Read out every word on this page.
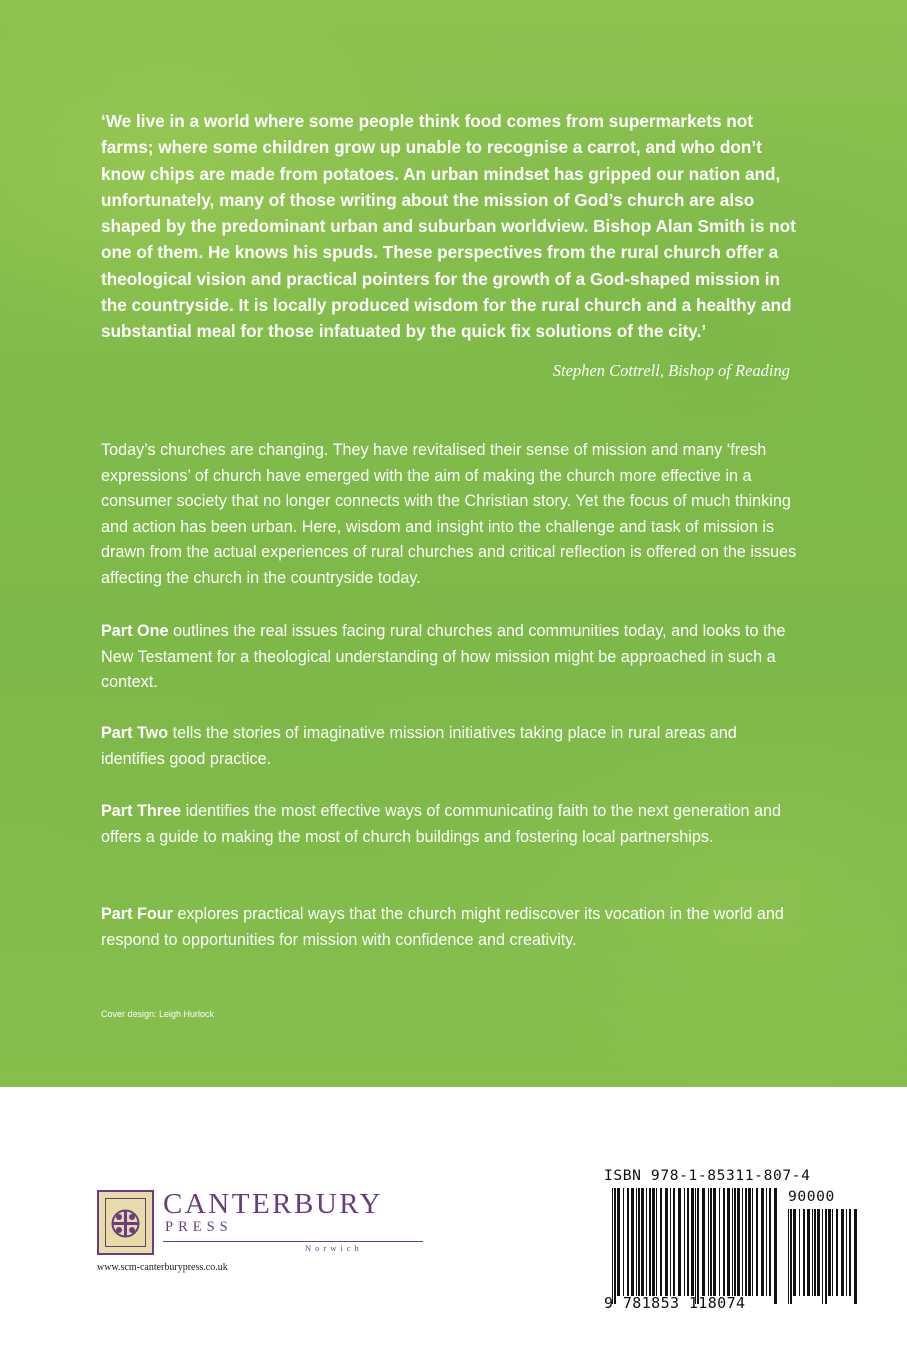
‘We live in a world where some people think food comes from supermarkets not farms; where some children grow up unable to recognise a carrot, and who don’t know chips are made from potatoes. An urban mindset has gripped our nation and, unfortunately, many of those writing about the mission of God’s church are also shaped by the predominant urban and suburban worldview. Bishop Alan Smith is not one of them. He knows his spuds. These perspectives from the rural church offer a theological vision and practical pointers for the growth of a God-shaped mission in the countryside. It is locally produced wisdom for the rural church and a healthy and substantial meal for those infatuated by the quick fix solutions of the city.’

Stephen Cottrell, Bishop of Reading

Today’s churches are changing. They have revitalised their sense of mission and many ‘fresh expressions’ of church have emerged with the aim of making the church more effective in a consumer society that no longer connects with the Christian story. Yet the focus of much thinking and action has been urban. Here, wisdom and insight into the challenge and task of mission is drawn from the actual experiences of rural churches and critical reflection is offered on the issues affecting the church in the countryside today.

Part One outlines the real issues facing rural churches and communities today, and looks to the New Testament for a theological understanding of how mission might be approached in such a context.

Part Two tells the stories of imaginative mission initiatives taking place in rural areas and identifies good practice.

Part Three identifies the most effective ways of communicating faith to the next generation and offers a guide to making the most of church buildings and fostering local partnerships.

Part Four explores practical ways that the church might rediscover its vocation in the world and respond to opportunities for mission with confidence and creativity.

Cover design: Leigh Hurlock

CANTERBURY

PRESS

Norwich

www.scm-canterburypress.co.uk

ISBN 978-1-85311-807-4

90000

9 781853 118074
